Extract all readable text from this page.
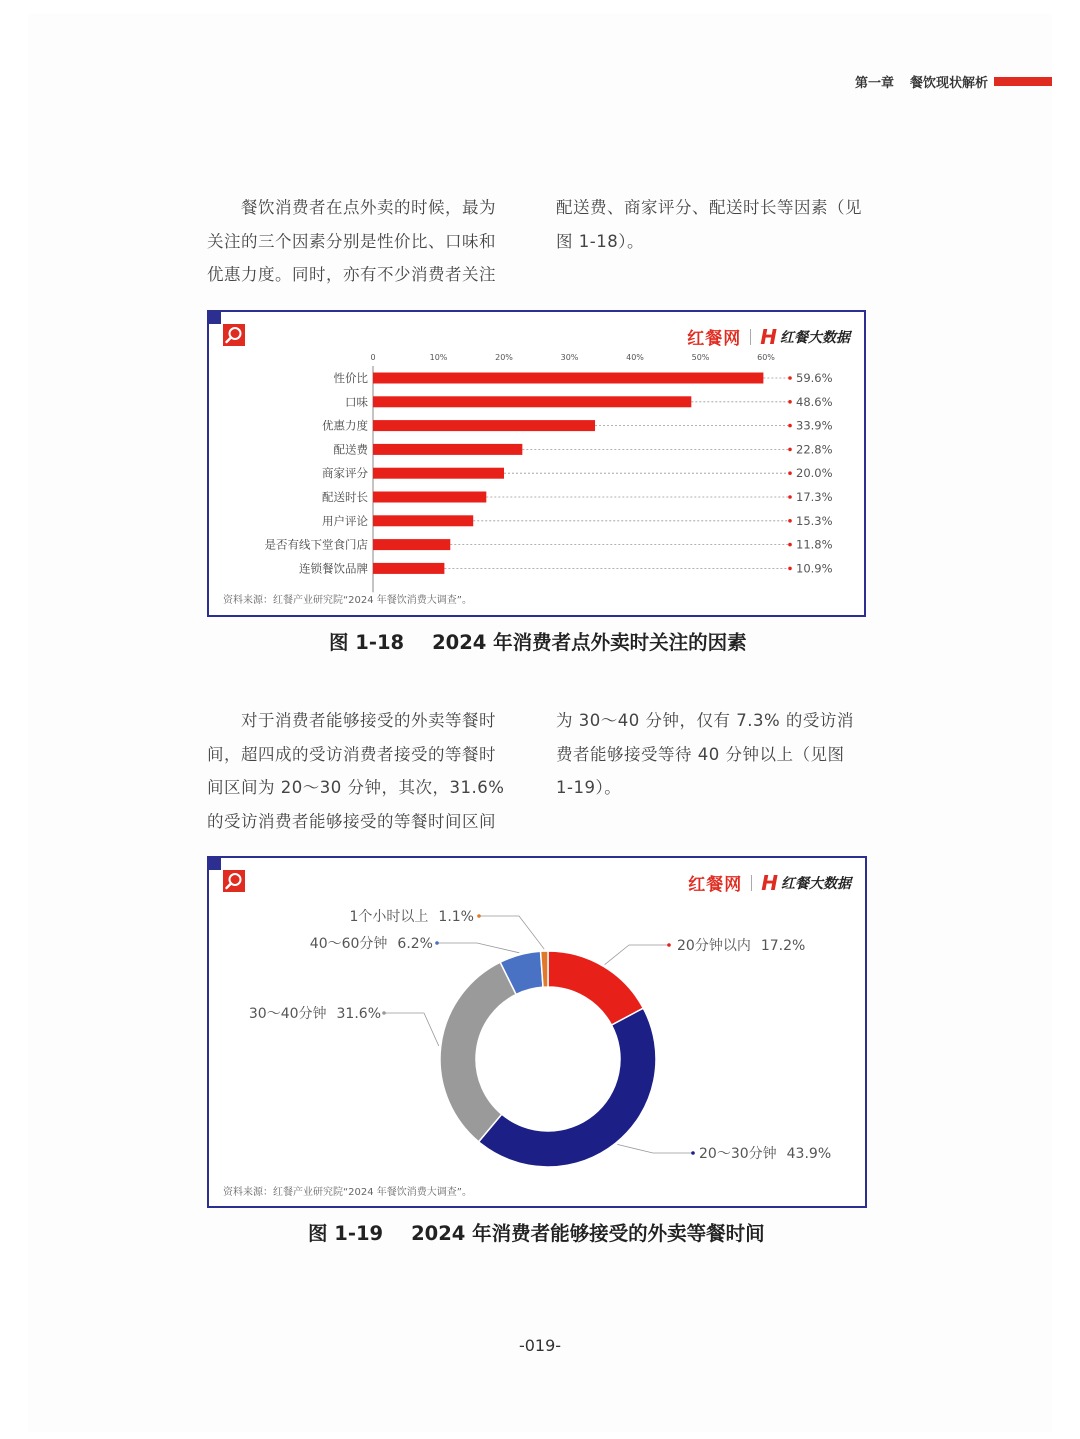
第一章 餐饮现状解析

餐饮消费者在点外卖的时候，最为

关注的三个因素分别是性价比、口味和

优惠力度。同时，亦有不少消费者关注

配送费、商家评分、配送时长等因素（见

图 1-18）。

红餐网 H 红餐大数据
0	10%	20%	30%	40%	50%	60%
性价比	59.6%
口味	48.6%
优惠力度	33.9%
配送费	22.8%
商家评分	20.0%
配送时长	17.3%
用户评论	15.3%
是否有线下堂食门店	11.8%
连锁餐饮品牌	10.9%
资料来源：红餐产业研究院“2024 年餐饮消费大调查”。
图 1-18 2024 年消费者点外卖时关注的因素

对于消费者能够接受的外卖等餐时

间，超四成的受访消费者接受的等餐时

间区间为 20～30 分钟，其次，31.6%

的受访消费者能够接受的等餐时间区间

为 30～40 分钟，仅有 7.3% 的受访消

费者能够接受等待 40 分钟以上（见图

1-19）。

红餐网 H 红餐大数据
20分钟以内 17.2%
20～30分钟 43.9%
30～40分钟 31.6%
40～60分钟 6.2%
1个小时以上 1.1%
资料来源：红餐产业研究院“2024 年餐饮消费大调查”。
图 1-19 2024 年消费者能够接受的外卖等餐时间
-019-
